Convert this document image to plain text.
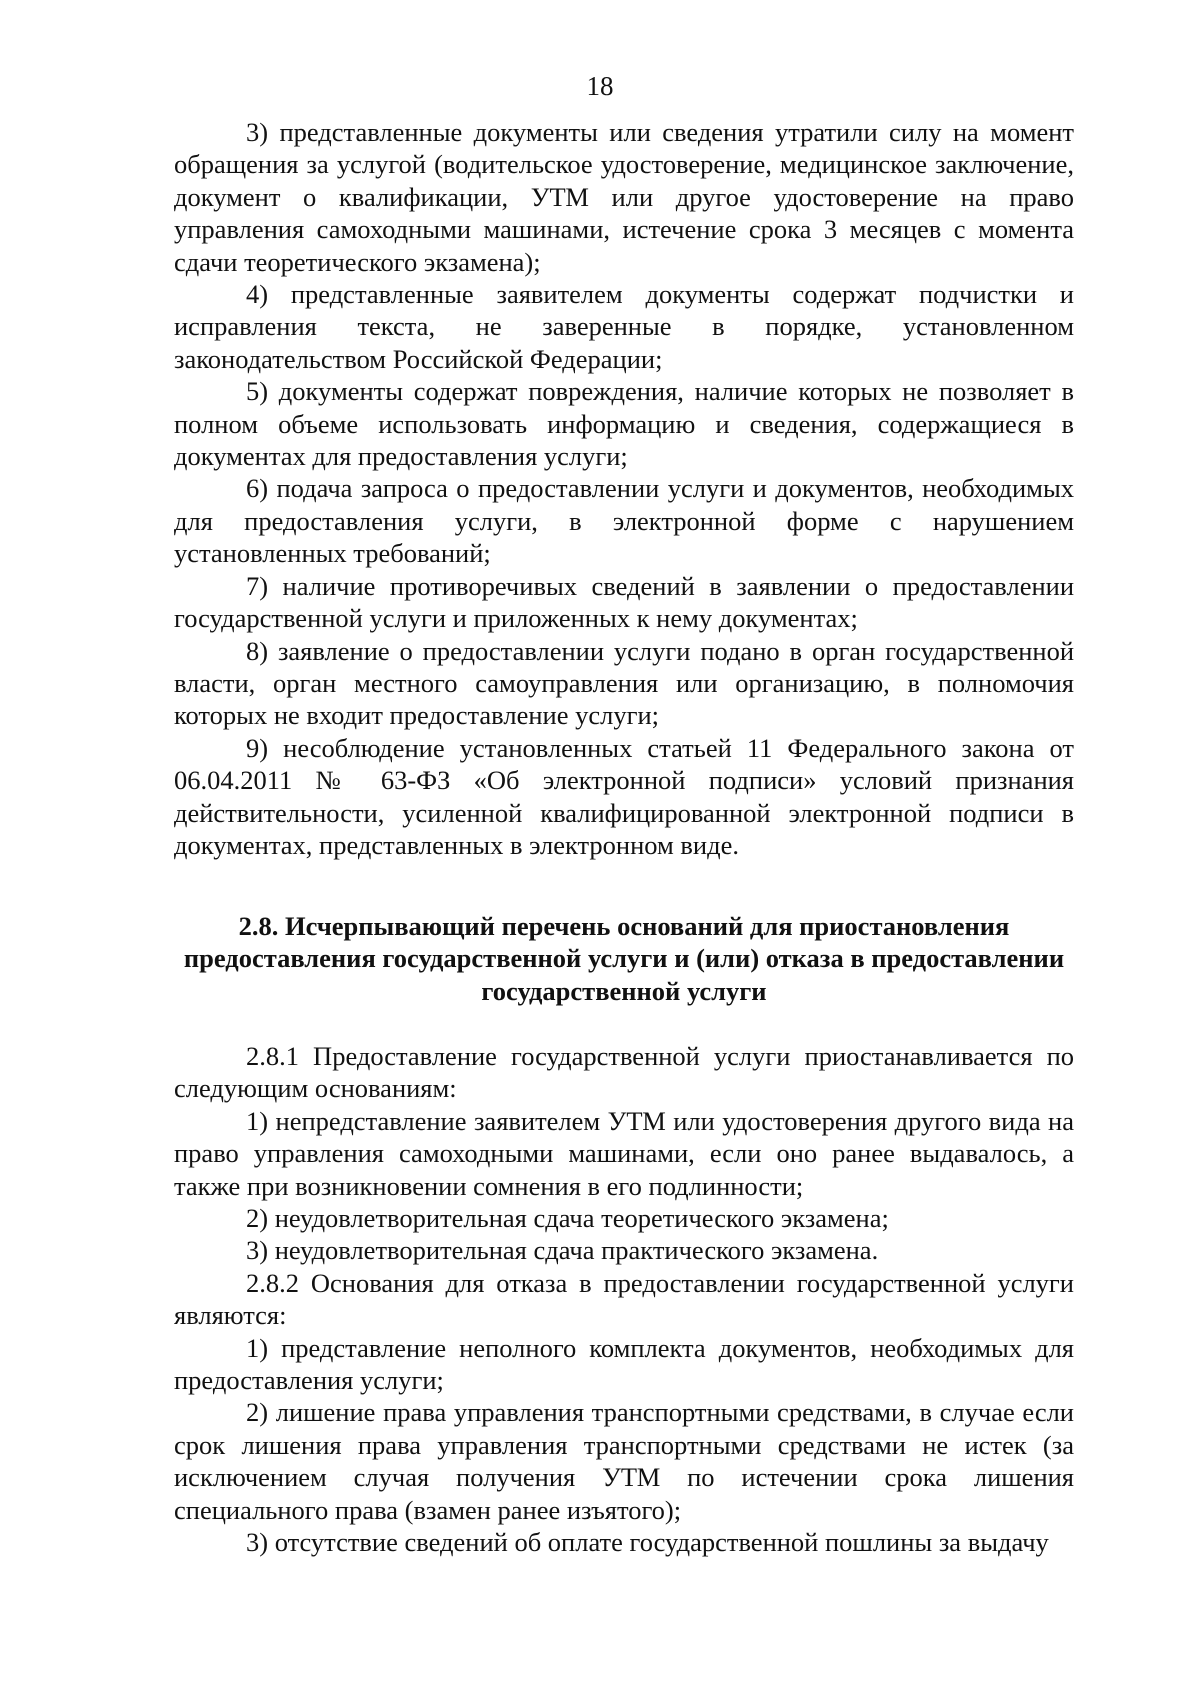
18

3) представленные документы или сведения утратили силу на момент обращения за услугой (водительское удостоверение, медицинское заключение, документ о квалификации, УТМ или другое удостоверение на право управления самоходными машинами, истечение срока 3 месяцев с момента сдачи теоретического экзамена);

4) представленные заявителем документы содержат подчистки и исправления текста, не заверенные в порядке, установленном законодательством Российской Федерации;

5) документы содержат повреждения, наличие которых не позволяет в полном объеме использовать информацию и сведения, содержащиеся в документах для предоставления услуги;

6) подача запроса о предоставлении услуги и документов, необходимых для предоставления услуги, в электронной форме с нарушением установленных требований;

7) наличие противоречивых сведений в заявлении о предоставлении государственной услуги и приложенных к нему документах;

8) заявление о предоставлении услуги подано в орган государственной власти, орган местного самоуправления или организацию, в полномочия которых не входит предоставление услуги;

9) несоблюдение установленных статьей 11 Федерального закона от 06.04.2011 № 63-ФЗ «Об электронной подписи» условий признания действительности, усиленной квалифицированной электронной подписи в документах, представленных в электронном виде.

2.8. Исчерпывающий перечень оснований для приостановления предоставления государственной услуги и (или) отказа в предоставлении государственной услуги

2.8.1 Предоставление государственной услуги приостанавливается по следующим основаниям:

1) непредставление заявителем УТМ или удостоверения другого вида на право управления самоходными машинами, если оно ранее выдавалось, а также при возникновении сомнения в его подлинности;

2) неудовлетворительная сдача теоретического экзамена;

3) неудовлетворительная сдача практического экзамена.

2.8.2 Основания для отказа в предоставлении государственной услуги являются:

1) представление неполного комплекта документов, необходимых для предоставления услуги;

2) лишение права управления транспортными средствами, в случае если срок лишения права управления транспортными средствами не истек (за исключением случая получения УТМ по истечении срока лишения специального права (взамен ранее изъятого);

3) отсутствие сведений об оплате государственной пошлины за выдачу
